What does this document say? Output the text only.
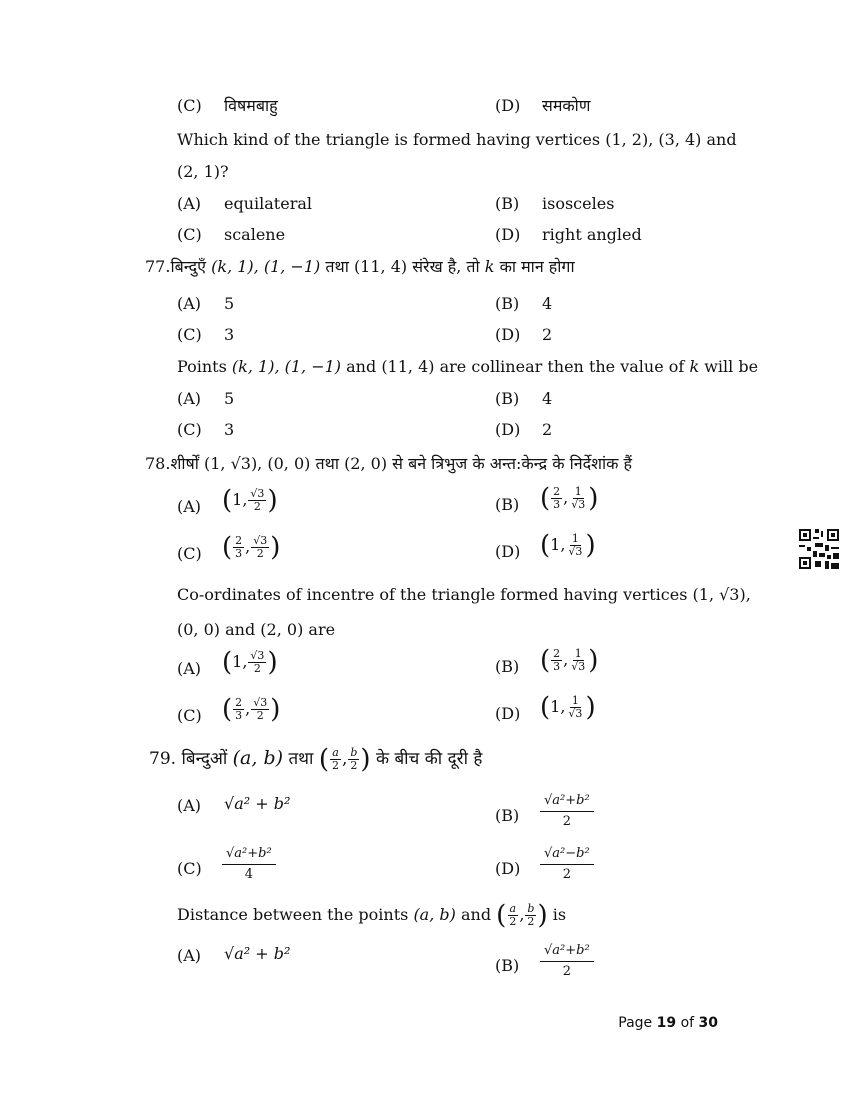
(C) विषमबाहु	(D) समकोण
Which kind of the triangle is formed having vertices (1, 2), (3, 4) and
(2, 1)?
(A) equilateral	(B) isosceles
(C) scalene	(D) right angled
77.बिन्दुएँ (k, 1), (1, −1) तथा (11, 4) संरेख है, तो k का मान होगा
(A) 5	(B) 4
(C) 3	(D) 2
Points (k, 1), (1, −1) and (11, 4) are collinear then the value of k will be
(A) 5	(B) 4
(C) 3	(D) 2
78.शीर्षों (1, √3), (0, 0) तथा (2, 0) से बने त्रिभुज के अन्त:केन्द्र के निर्देशांक हैं
(A) (1, $\frac{√3}{2}$ )	(B) ( $\frac{2}{3}$ , $\frac{1}{√3}$ )
(C) ( $\frac{2}{3}$ , $\frac{√3}{2}$ )	(D) (1, $\frac{1}{√3}$ )
Co-ordinates of incentre of the triangle formed having vertices (1, √3),
(0, 0) and (2, 0) are
(A) (1, $\frac{√3}{2}$ )	(B) ( $\frac{2}{3}$ , $\frac{1}{√3}$ )
(C) ( $\frac{2}{3}$ , $\frac{√3}{2}$ )	(D) (1, $\frac{1}{√3}$ )
79. बिन्दुओं (a, b) तथा ( $\frac{a}{2}$ , $\frac{b}{2}$ ) के बीच की दूरी है
(A) √a² + b²
$(B) \frac{\text{√a²+b²}}{2}$
$(C) \frac{\text{√a²+b²}}{4}$	$(D) \frac{\text{√a²−b²}}{2}$
Distance between the points (a, b) and ( $\frac{a}{2}$ , $\frac{b}{2}$ ) is
(A) √a² + b²
$(B) \frac{\text{√a²+b²}}{2}$
Page 19 of 30
